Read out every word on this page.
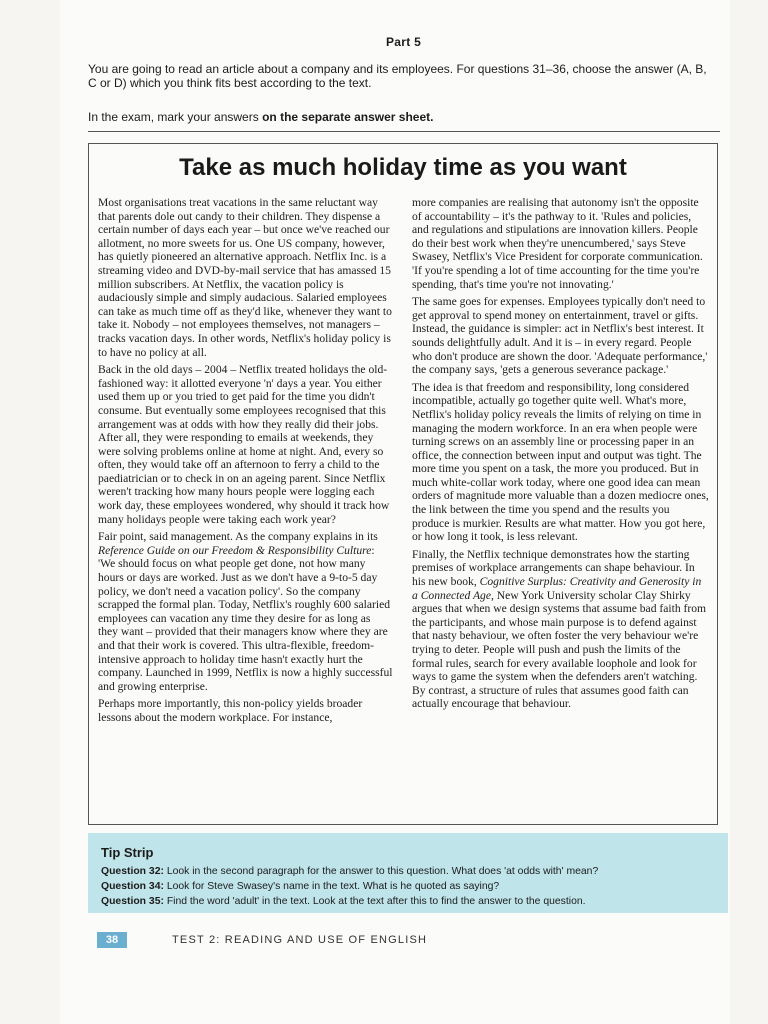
Part 5
You are going to read an article about a company and its employees. For questions 31–36, choose the answer (A, B, C or D) which you think fits best according to the text.
In the exam, mark your answers on the separate answer sheet.
Take as much holiday time as you want

Most organisations treat vacations in the same reluctant way that parents dole out candy to their children. They dispense a certain number of days each year – but once we've reached our allotment, no more sweets for us. One US company, however, has quietly pioneered an alternative approach. Netflix Inc. is a streaming video and DVD-by-mail service that has amassed 15 million subscribers. At Netflix, the vacation policy is audaciously simple and simply audacious. Salaried employees can take as much time off as they'd like, whenever they want to take it. Nobody – not employees themselves, not managers – tracks vacation days. In other words, Netflix's holiday policy is to have no policy at all.

Back in the old days – 2004 – Netflix treated holidays the old-fashioned way: it allotted everyone 'n' days a year. You either used them up or you tried to get paid for the time you didn't consume. But eventually some employees recognised that this arrangement was at odds with how they really did their jobs. After all, they were responding to emails at weekends, they were solving problems online at home at night. And, every so often, they would take off an afternoon to ferry a child to the paediatrician or to check in on an ageing parent. Since Netflix weren't tracking how many hours people were logging each work day, these employees wondered, why should it track how many holidays people were taking each work year?

Fair point, said management. As the company explains in its Reference Guide on our Freedom & Responsibility Culture: 'We should focus on what people get done, not how many hours or days are worked. Just as we don't have a 9-to-5 day policy, we don't need a vacation policy'. So the company scrapped the formal plan. Today, Netflix's roughly 600 salaried employees can vacation any time they desire for as long as they want – provided that their managers know where they are and that their work is covered. This ultra-flexible, freedom-intensive approach to holiday time hasn't exactly hurt the company. Launched in 1999, Netflix is now a highly successful and growing enterprise.

Perhaps more importantly, this non-policy yields broader lessons about the modern workplace. For instance,

more companies are realising that autonomy isn't the opposite of accountability – it's the pathway to it. 'Rules and policies, and regulations and stipulations are innovation killers. People do their best work when they're unencumbered,' says Steve Swasey, Netflix's Vice President for corporate communication. 'If you're spending a lot of time accounting for the time you're spending, that's time you're not innovating.'

The same goes for expenses. Employees typically don't need to get approval to spend money on entertainment, travel or gifts. Instead, the guidance is simpler: act in Netflix's best interest. It sounds delightfully adult. And it is – in every regard. People who don't produce are shown the door. 'Adequate performance,' the company says, 'gets a generous severance package.'

The idea is that freedom and responsibility, long considered incompatible, actually go together quite well. What's more, Netflix's holiday policy reveals the limits of relying on time in managing the modern workforce. In an era when people were turning screws on an assembly line or processing paper in an office, the connection between input and output was tight. The more time you spent on a task, the more you produced. But in much white-collar work today, where one good idea can mean orders of magnitude more valuable than a dozen mediocre ones, the link between the time you spend and the results you produce is murkier. Results are what matter. How you got here, or how long it took, is less relevant.

Finally, the Netflix technique demonstrates how the starting premises of workplace arrangements can shape behaviour. In his new book, Cognitive Surplus: Creativity and Generosity in a Connected Age, New York University scholar Clay Shirky argues that when we design systems that assume bad faith from the participants, and whose main purpose is to defend against that nasty behaviour, we often foster the very behaviour we're trying to deter. People will push and push the limits of the formal rules, search for every available loophole and look for ways to game the system when the defenders aren't watching. By contrast, a structure of rules that assumes good faith can actually encourage that behaviour.

Tip Strip
Question 32: Look in the second paragraph for the answer to this question. What does 'at odds with' mean?
Question 34: Look for Steve Swasey's name in the text. What is he quoted as saying?
Question 35: Find the word 'adult' in the text. Look at the text after this to find the answer to the question.
38	TEST 2: READING AND USE OF ENGLISH
